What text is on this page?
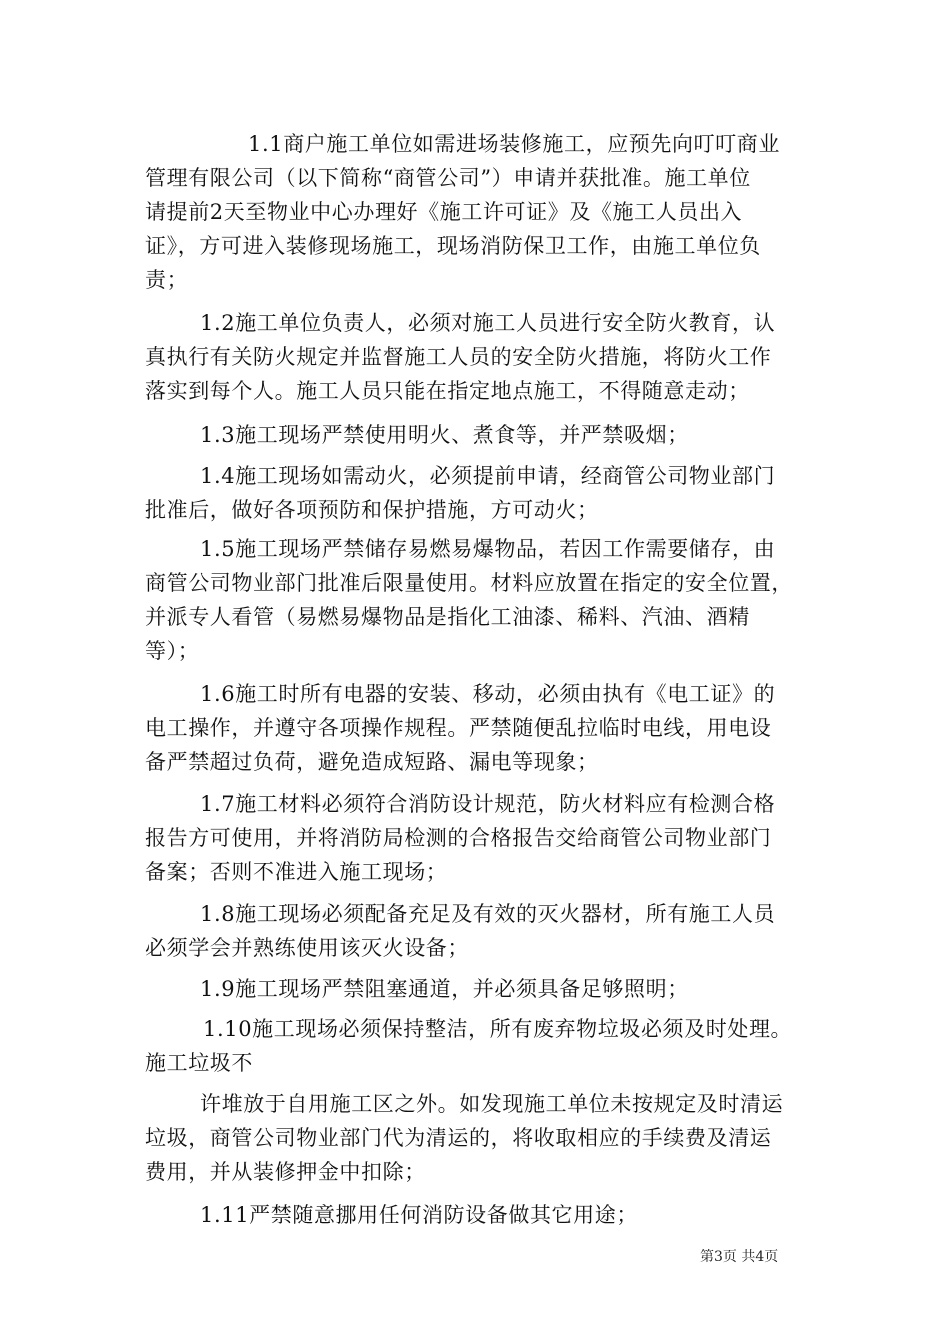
1.1商户施工单位如需进场装修施工，应预先向叮叮商业
管理有限公司（以下简称“商管公司”）申请并获批准。施工单位
请提前2天至物业中心办理好《施工许可证》及《施工人员出入
证》，方可进入装修现场施工，现场消防保卫工作，由施工单位负
责；
1.2施工单位负责人，必须对施工人员进行安全防火教育，认
真执行有关防火规定并监督施工人员的安全防火措施，将防火工作
落实到每个人。施工人员只能在指定地点施工，不得随意走动；
1.3施工现场严禁使用明火、煮食等，并严禁吸烟；
1.4施工现场如需动火，必须提前申请，经商管公司物业部门
批准后，做好各项预防和保护措施，方可动火；
1.5施工现场严禁储存易燃易爆物品，若因工作需要储存，由
商管公司物业部门批准后限量使用。材料应放置在指定的安全位置，
并派专人看管（易燃易爆物品是指化工油漆、稀料、汽油、酒精
等）；
1.6施工时所有电器的安装、移动，必须由执有《电工证》的
电工操作，并遵守各项操作规程。严禁随便乱拉临时电线，用电设
备严禁超过负荷，避免造成短路、漏电等现象；
1.7施工材料必须符合消防设计规范，防火材料应有检测合格
报告方可使用，并将消防局检测的合格报告交给商管公司物业部门
备案；否则不准进入施工现场；
1.8施工现场必须配备充足及有效的灭火器材，所有施工人员
必须学会并熟练使用该灭火设备；
1.9施工现场严禁阻塞通道，并必须具备足够照明；
1.10施工现场必须保持整洁，所有废弃物垃圾必须及时处理。
施工垃圾不
许堆放于自用施工区之外。如发现施工单位未按规定及时清运
垃圾，商管公司物业部门代为清运的，将收取相应的手续费及清运
费用，并从装修押金中扣除；
1.11严禁随意挪用任何消防设备做其它用途；
第3页 共4页
